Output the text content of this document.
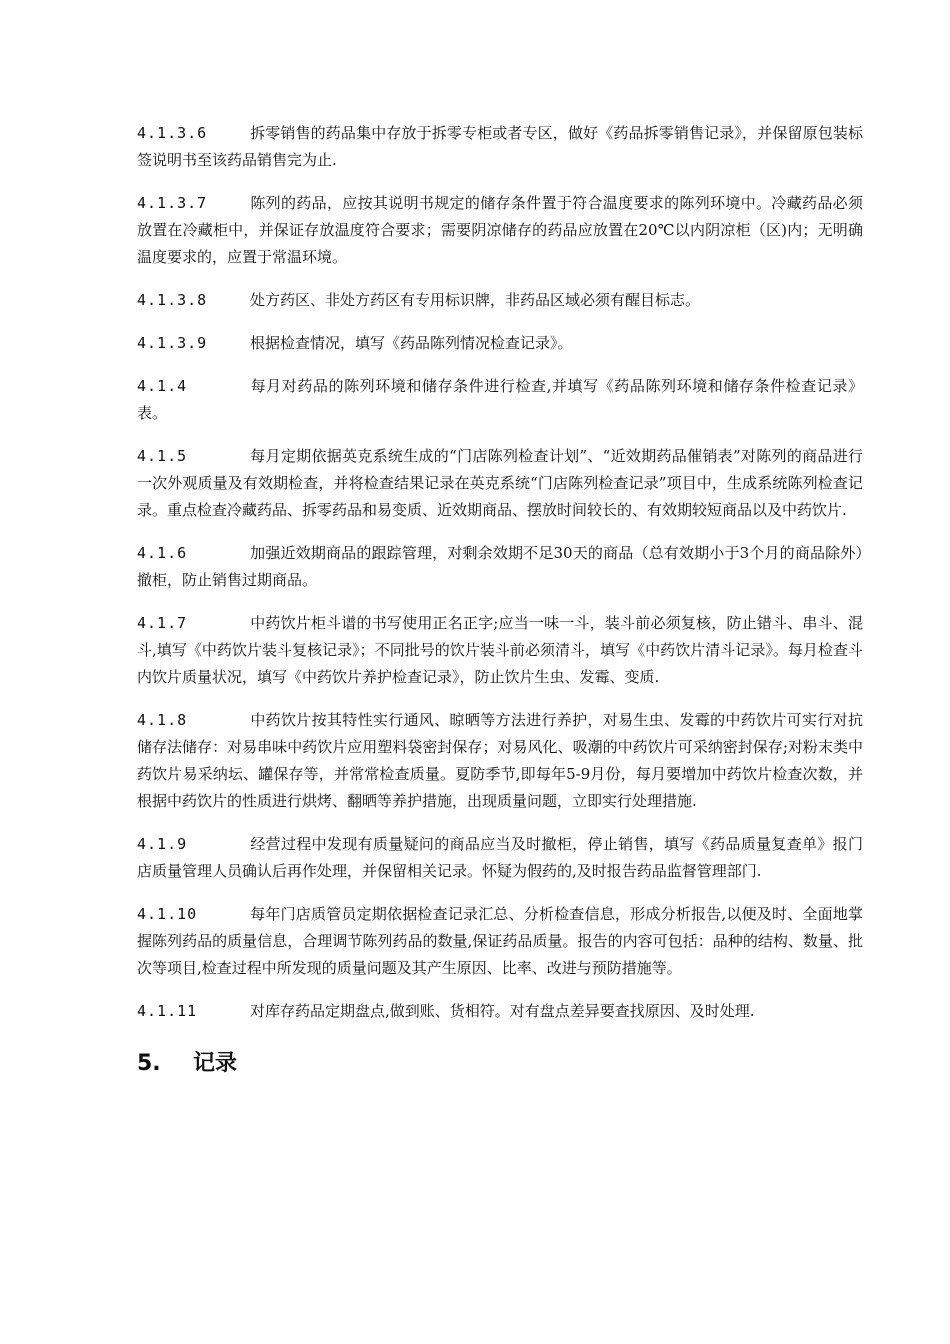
4.1.3.6	拆零销售的药品集中存放于拆零专柜或者专区，做好《药品拆零销售记录》，并保留原包装标签说明书至该药品销售完为止.

4.1.3.7	陈列的药品，应按其说明书规定的储存条件置于符合温度要求的陈列环境中。冷藏药品必须放置在冷藏柜中，并保证存放温度符合要求；需要阴凉储存的药品应放置在20℃以内阴凉柜（区)内；无明确温度要求的，应置于常温环境。

4.1.3.8	处方药区、非处方药区有专用标识牌，非药品区域必须有醒目标志。

4.1.3.9	根据检查情况，填写《药品陈列情况检查记录》。

4.1.4	每月对药品的陈列环境和储存条件进行检查,并填写《药品陈列环境和储存条件检查记录》表。

4.1.5	每月定期依据英克系统生成的“门店陈列检查计划”、“近效期药品催销表”对陈列的商品进行一次外观质量及有效期检查，并将检查结果记录在英克系统“门店陈列检查记录”项目中，生成系统陈列检查记录。重点检查冷藏药品、拆零药品和易变质、近效期商品、摆放时间较长的、有效期较短商品以及中药饮片.

4.1.6	加强近效期商品的跟踪管理，对剩余效期不足30天的商品（总有效期小于3个月的商品除外）撤柜，防止销售过期商品。

4.1.7	中药饮片柜斗谱的书写使用正名正字;应当一味一斗，装斗前必须复核，防止错斗、串斗、混斗,填写《中药饮片装斗复核记录》；不同批号的饮片装斗前必须清斗，填写《中药饮片清斗记录》。每月检查斗内饮片质量状况，填写《中药饮片养护检查记录》，防止饮片生虫、发霉、变质.

4.1.8	中药饮片按其特性实行通风、晾晒等方法进行养护，对易生虫、发霉的中药饮片可实行对抗储存法储存：对易串味中药饮片应用塑料袋密封保存；对易风化、吸潮的中药饮片可采纳密封保存;对粉末类中药饮片易采纳坛、罐保存等，并常常检查质量。夏防季节,即每年5-9月份，每月要增加中药饮片检查次数，并根据中药饮片的性质进行烘烤、翻晒等养护措施，出现质量问题，立即实行处理措施.

4.1.9	经营过程中发现有质量疑问的商品应当及时撤柜，停止销售，填写《药品质量复查单》报门店质量管理人员确认后再作处理，并保留相关记录。怀疑为假药的,及时报告药品监督管理部门.

4.1.10	每年门店质管员定期依据检查记录汇总、分析检查信息，形成分析报告,以便及时、全面地掌握陈列药品的质量信息，合理调节陈列药品的数量,保证药品质量。报告的内容可包括：品种的结构、数量、批次等项目,检查过程中所发现的质量问题及其产生原因、比率、改进与预防措施等。

4.1.11	对库存药品定期盘点,做到账、货相符。对有盘点差异要查找原因、及时处理.

5. 记录
